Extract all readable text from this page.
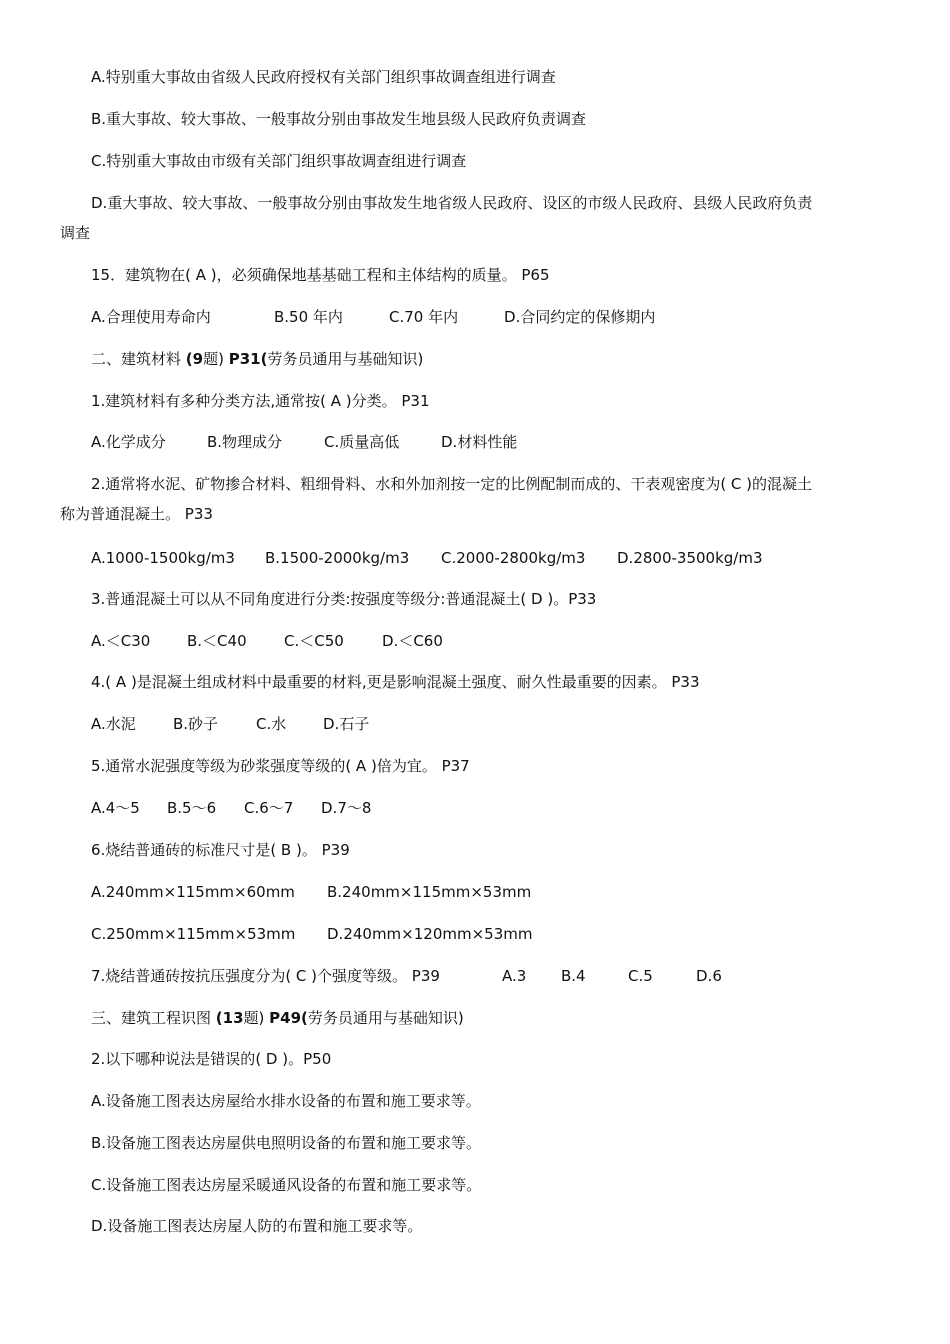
A.特别重大事故由省级人民政府授权有关部门组织事故调查组进行调查

B.重大事故、较大事故、一般事故分别由事故发生地县级人民政府负责调查

C.特别重大事故由市级有关部门组织事故调查组进行调查

D.重大事故、较大事故、一般事故分别由事故发生地省级人民政府、设区的市级人民政府、县级人民政府负责

调查

15．建筑物在( A )，必须确保地基基础工程和主体结构的质量。 P65

A.合理使用寿命内	B.50 年内	C.70 年内	D.合同约定的保修期内

二、建筑材料 (9题) P31(劳务员通用与基础知识)

1.建筑材料有多种分类方法,通常按( A )分类。 P31

A.化学成分	B.物理成分	C.质量高低	D.材料性能

2.通常将水泥、矿物掺合材料、粗细骨料、水和外加剂按一定的比例配制而成的、干表观密度为( C )的混凝土

称为普通混凝土。 P33

A.1000-1500kg/m3 B.1500-2000kg/m3 C.2000-2800kg/m3 D.2800-3500kg/m3

3.普通混凝土可以从不同角度进行分类:按强度等级分:普通混凝土( D )。P33

A.＜C30 B.＜C40 C.＜C50	D.＜C60

4.( A )是混凝土组成材料中最重要的材料,更是影响混凝土强度、耐久性最重要的因素。 P33

A.水泥 B.砂子	C.水 D.石子

5.通常水泥强度等级为砂浆强度等级的( A )倍为宜。 P37

A.4～5 B.5～6 C.6～7 D.7～8

6.烧结普通砖的标准尺寸是( B )。 P39

A.240mm×115mm×60mm B.240mm×115mm×53mm

C.250mm×115mm×53mm D.240mm×120mm×53mm

7.烧结普通砖按抗压强度分为( C )个强度等级。 P39	A.3 B.4	C.5	D.6

三、建筑工程识图 (13题) P49(劳务员通用与基础知识)

2.以下哪种说法是错误的( D )。P50

A.设备施工图表达房屋给水排水设备的布置和施工要求等。

B.设备施工图表达房屋供电照明设备的布置和施工要求等。

C.设备施工图表达房屋采暖通风设备的布置和施工要求等。

D.设备施工图表达房屋人防的布置和施工要求等。
